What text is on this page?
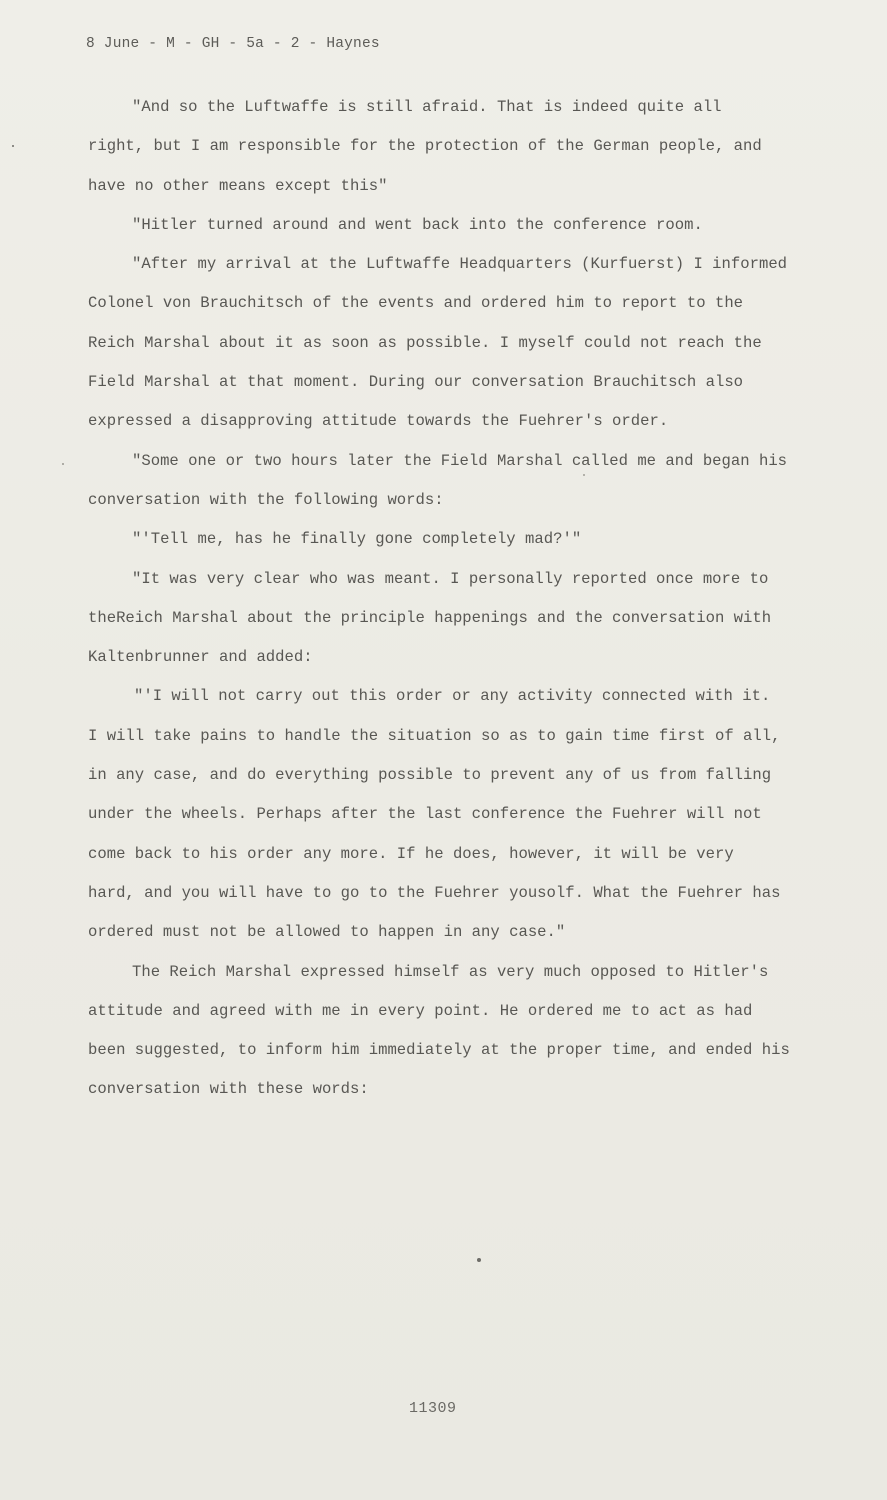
8 June - M - GH - 5a - 2 - Haynes
"And so the Luftwaffe is still afraid. That is indeed quite all
right, but I am responsible for the protection of the German people, and
have no other means except this"
"Hitler turned around and went back into the conference room.
"After my arrival at the Luftwaffe Headquarters (Kurfuerst) I informed
Colonel von Brauchitsch of the events and ordered him to report to the
Reich Marshal about it as soon as possible. I myself could not reach the
Field Marshal at that moment. During our conversation Brauchitsch also
expressed a disapproving attitude towards the Fuehrer's order.
"Some one or two hours later the Field Marshal called me and began his
conversation with the following words:
"'Tell me, has he finally gone completely mad?'"
"It was very clear who was meant. I personally reported once more to
theReich Marshal about the principle happenings and the conversation with
Kaltenbrunner and added:
"'I will not carry out this order or any activity connected with it.
I will take pains to handle the situation so as to gain time first of all,
in any case, and do everything possible to prevent any of us from falling
under the wheels. Perhaps after the last conference the Fuehrer will not
come back to his order any more. If he does, however, it will be very
hard, and you will have to go to the Fuehrer yousolf. What the Fuehrer has
ordered must not be allowed to happen in any case."
The Reich Marshal expressed himself as very much opposed to Hitler's
attitude and agreed with me in every point. He ordered me to act as had
been suggested, to inform him immediately at the proper time, and ended his
conversation with these words:
11309
